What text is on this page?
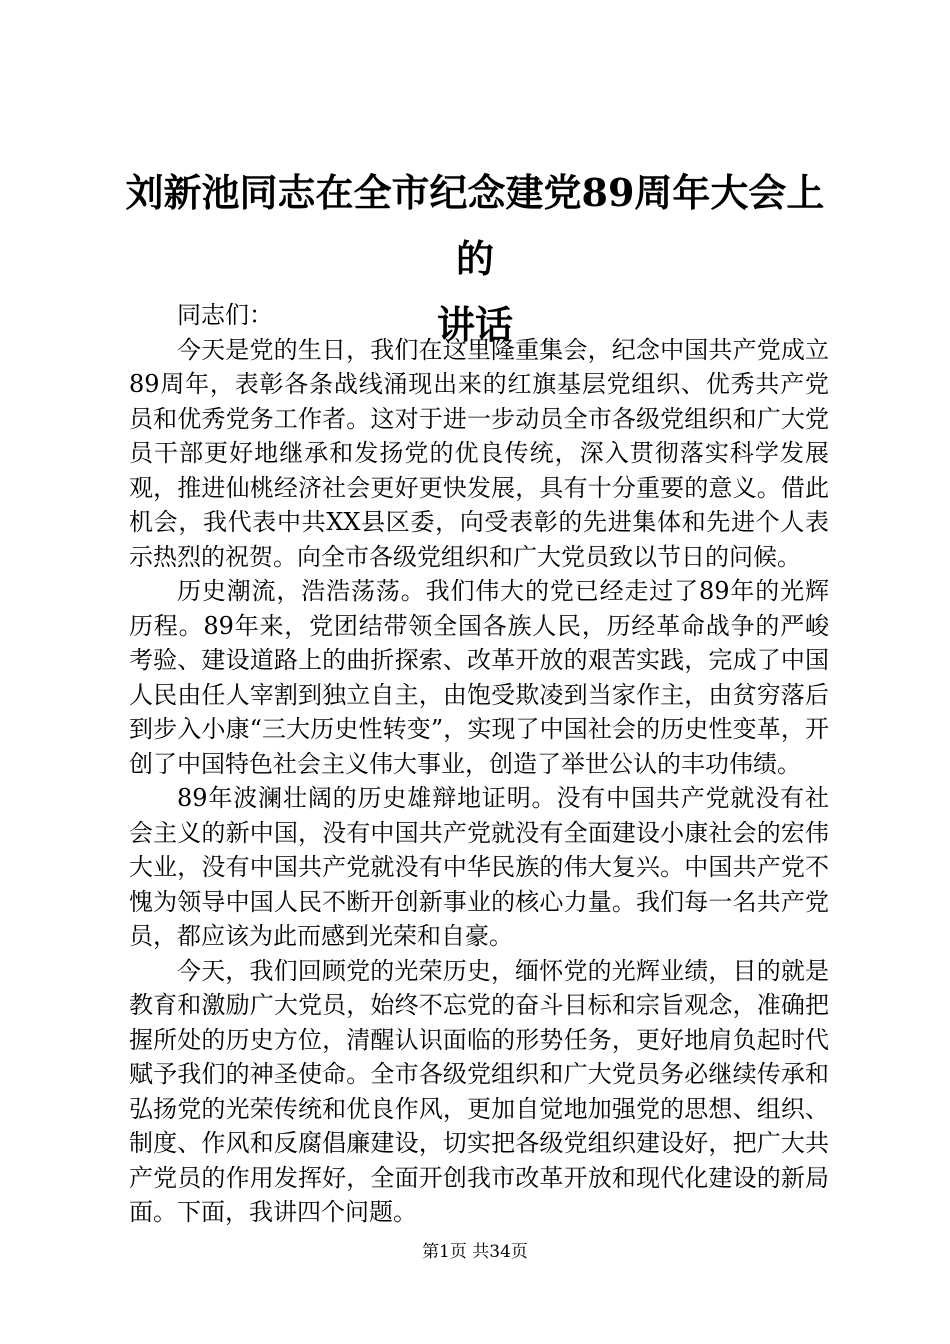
刘新池同志在全市纪念建党89周年大会上的
讲话

同志们：

今天是党的生日，我们在这里隆重集会，纪念中国共产党成立89周年，表彰各条战线涌现出来的红旗基层党组织、优秀共产党员和优秀党务工作者。这对于进一步动员全市各级党组织和广大党员干部更好地继承和发扬党的优良传统，深入贯彻落实科学发展观，推进仙桃经济社会更好更快发展，具有十分重要的意义。借此机会，我代表中共XX县区委，向受表彰的先进集体和先进个人表示热烈的祝贺。向全市各级党组织和广大党员致以节日的问候。

历史潮流，浩浩荡荡。我们伟大的党已经走过了89年的光辉历程。89年来，党团结带领全国各族人民，历经革命战争的严峻考验、建设道路上的曲折探索、改革开放的艰苦实践，完成了中国人民由任人宰割到独立自主，由饱受欺凌到当家作主，由贫穷落后到步入小康“三大历史性转变”，实现了中国社会的历史性变革，开创了中国特色社会主义伟大事业，创造了举世公认的丰功伟绩。

89年波澜壮阔的历史雄辩地证明。没有中国共产党就没有社会主义的新中国，没有中国共产党就没有全面建设小康社会的宏伟大业，没有中国共产党就没有中华民族的伟大复兴。中国共产党不愧为领导中国人民不断开创新事业的核心力量。我们每一名共产党员，都应该为此而感到光荣和自豪。

今天，我们回顾党的光荣历史，缅怀党的光辉业绩，目的就是教育和激励广大党员，始终不忘党的奋斗目标和宗旨观念，准确把握所处的历史方位，清醒认识面临的形势任务，更好地肩负起时代赋予我们的神圣使命。全市各级党组织和广大党员务必继续传承和弘扬党的光荣传统和优良作风，更加自觉地加强党的思想、组织、制度、作风和反腐倡廉建设，切实把各级党组织建设好，把广大共产党员的作用发挥好，全面开创我市改革开放和现代化建设的新局面。下面，我讲四个问题。

第1页 共34页
